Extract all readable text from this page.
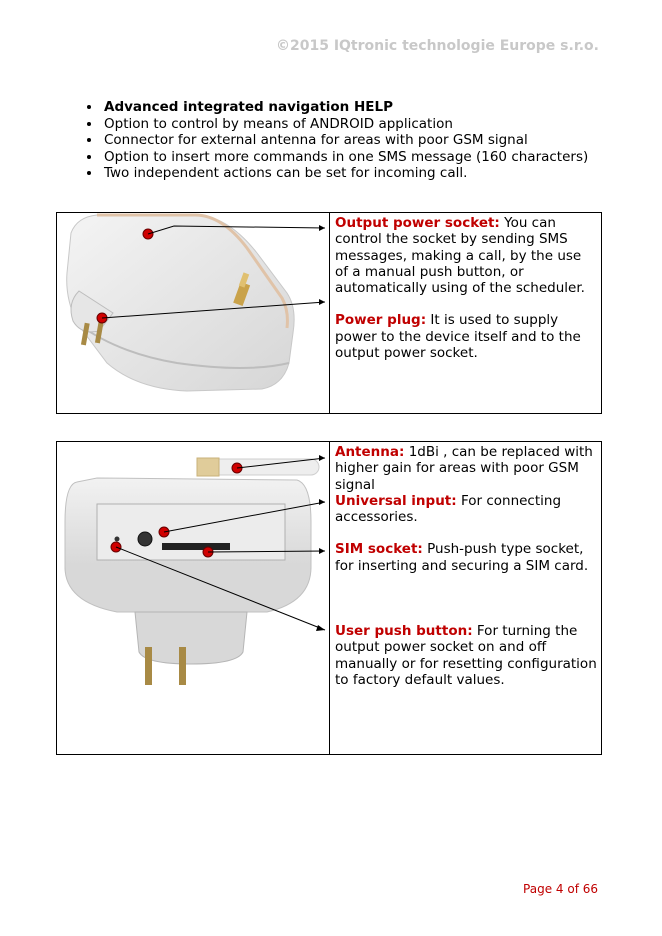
©2015 IQtronic technologie Europe s.r.o.
• Advanced integrated navigation HELP
• Option to control by means of ANDROID application
• Connector for external antenna for areas with poor GSM signal
• Option to insert more commands in one SMS message (160 characters)
• Two independent actions can be set for incoming call.

Output power socket: You can control the socket by sending SMS messages, making a call, by the use of a manual push button, or automatically using of the scheduler.
Power plug: It is used to supply power to the device itself and to the output power socket.

Antenna: 1dBi , can be replaced with higher gain for areas with poor GSM signal
Universal input: For connecting accessories.
SIM socket: Push-push type socket, for inserting and securing a SIM card.
User push button: For turning the output power socket on and off manually or for resetting configuration to factory default values.
Page 4 of 66
